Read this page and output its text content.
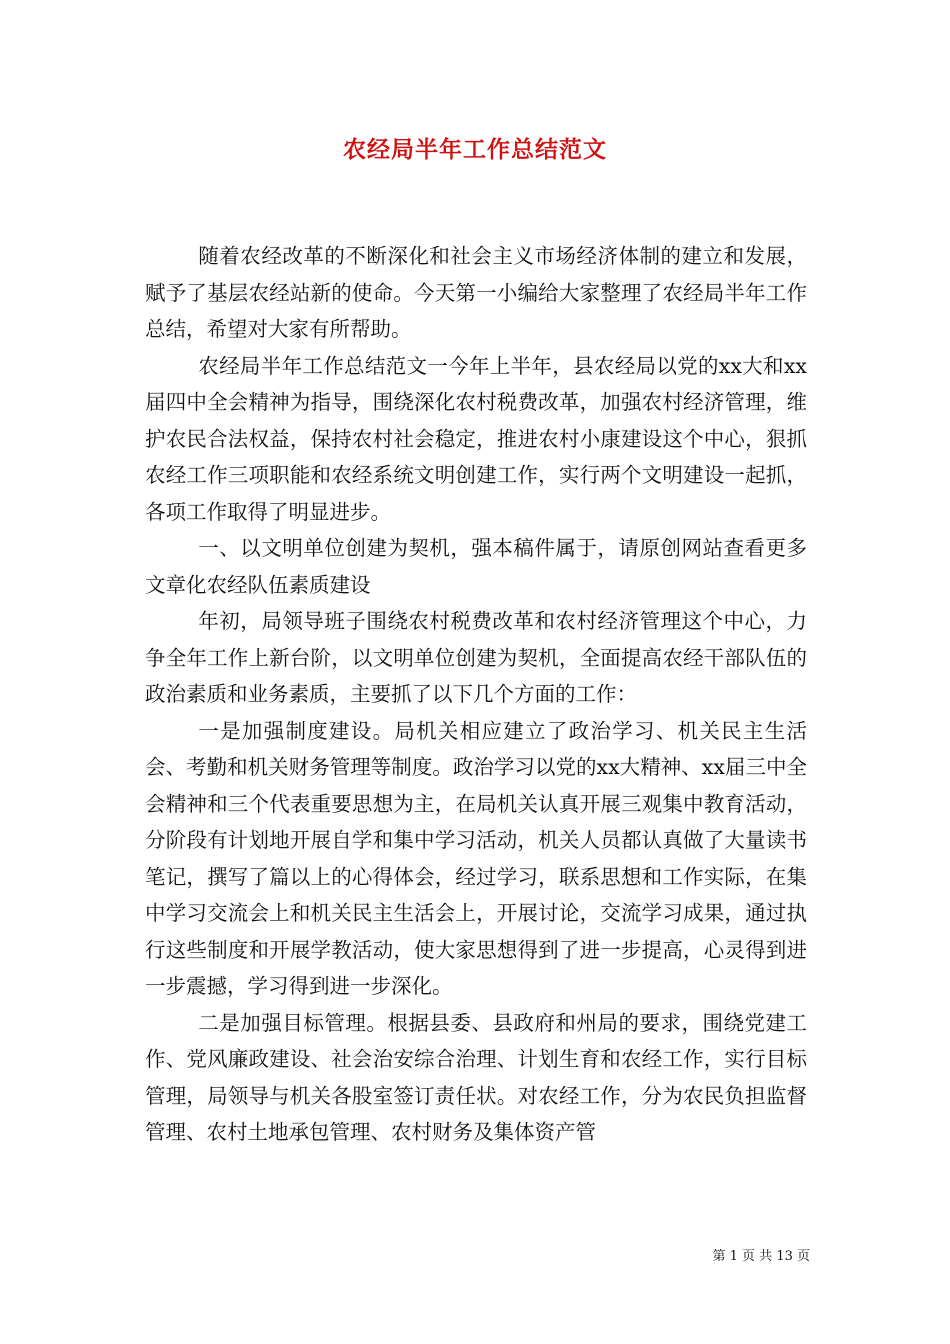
农经局半年工作总结范文

随着农经改革的不断深化和社会主义市场经济体制的建立和发展，赋予了基层农经站新的使命。今天第一小编给大家整理了农经局半年工作总结，希望对大家有所帮助。

农经局半年工作总结范文一今年上半年，县农经局以党的xx大和xx届四中全会精神为指导，围绕深化农村税费改革，加强农村经济管理，维护农民合法权益，保持农村社会稳定，推进农村小康建设这个中心，狠抓农经工作三项职能和农经系统文明创建工作，实行两个文明建设一起抓，各项工作取得了明显进步。

一、以文明单位创建为契机，强本稿件属于，请原创网站查看更多文章化农经队伍素质建设

年初，局领导班子围绕农村税费改革和农村经济管理这个中心，力争全年工作上新台阶，以文明单位创建为契机，全面提高农经干部队伍的政治素质和业务素质，主要抓了以下几个方面的工作：

一是加强制度建设。局机关相应建立了政治学习、机关民主生活会、考勤和机关财务管理等制度。政治学习以党的xx大精神、xx届三中全会精神和三个代表重要思想为主，在局机关认真开展三观集中教育活动，分阶段有计划地开展自学和集中学习活动，机关人员都认真做了大量读书笔记，撰写了篇以上的心得体会，经过学习，联系思想和工作实际，在集中学习交流会上和机关民主生活会上，开展讨论，交流学习成果，通过执行这些制度和开展学教活动，使大家思想得到了进一步提高，心灵得到进一步震撼，学习得到进一步深化。

二是加强目标管理。根据县委、县政府和州局的要求，围绕党建工作、党风廉政建设、社会治安综合治理、计划生育和农经工作，实行目标管理，局领导与机关各股室签订责任状。对农经工作，分为农民负担监督管理、农村土地承包管理、农村财务及集体资产管

第 1 页 共 13 页
